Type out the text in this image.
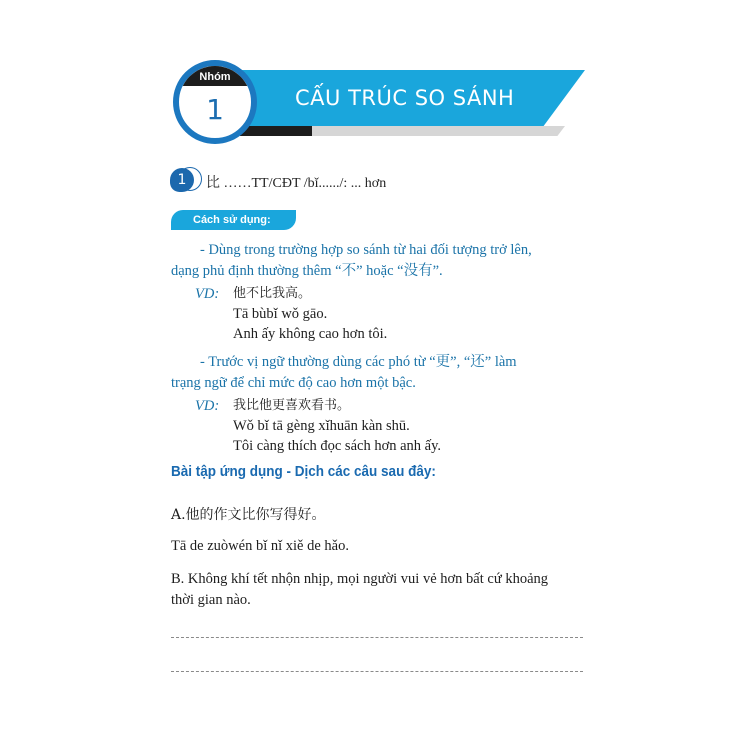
CẤU TRÚC SO SÁNH
Nhóm
1
1	比 ……TT/CĐT /bǐ....../: ... hơn
Cách sử dụng:
- Dùng trong trường hợp so sánh từ hai đối tượng trở lên,
dạng phủ định thường thêm “不” hoặc “没有”.
VD: 他不比我高。
Tā bùbǐ wǒ gāo.
Anh ấy không cao hơn tôi.
- Trước vị ngữ thường dùng các phó từ “更”, “还” làm
trạng ngữ để chỉ mức độ cao hơn một bậc.
VD: 我比他更喜欢看书。
Wǒ bǐ tā gèng xǐhuān kàn shū.
Tôi càng thích đọc sách hơn anh ấy.
Bài tập ứng dụng - Dịch các câu sau đây:
A.他的作文比你写得好。
Tā de zuòwén bǐ nǐ xiě de hǎo.
B. Không khí tết nhộn nhịp, mọi người vui vẻ hơn bất cứ khoảng
thời gian nào.
